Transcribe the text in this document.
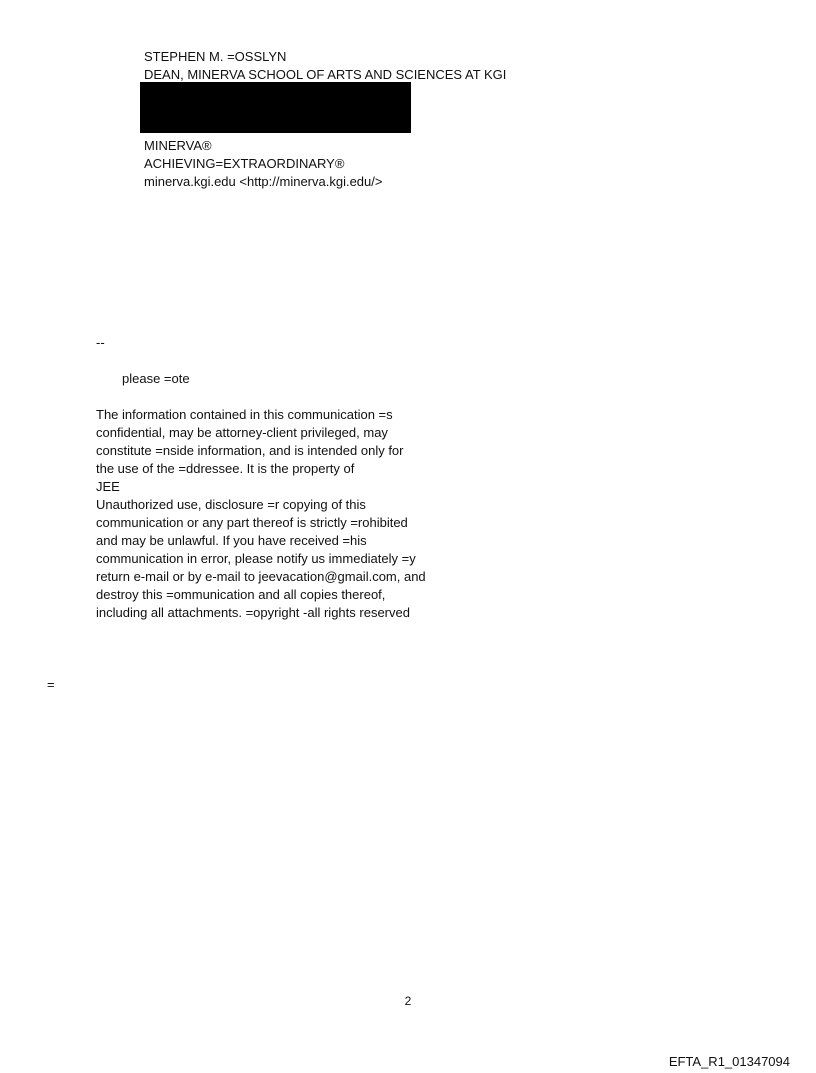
STEPHEN M. =OSSLYN
DEAN, MINERVA SCHOOL OF ARTS AND SCIENCES AT KGI
MINERVA®
ACHIEVING=EXTRAORDINARY®
minerva.kgi.edu <http://minerva.kgi.edu/>
--
please =ote
The information contained in this communication =s
confidential, may be attorney-client privileged, may
constitute =nside information, and is intended only for
the use of the =ddressee. It is the property of
JEE
Unauthorized use, disclosure =r copying of this
communication or any part thereof is strictly =rohibited
and may be unlawful. If you have received =his
communication in error, please notify us immediately =y
return e-mail or by e-mail to jeevacation@gmail.com, and
destroy this =ommunication and all copies thereof,
including all attachments. =opyright -all rights reserved
=
2
EFTA_R1_01347094
